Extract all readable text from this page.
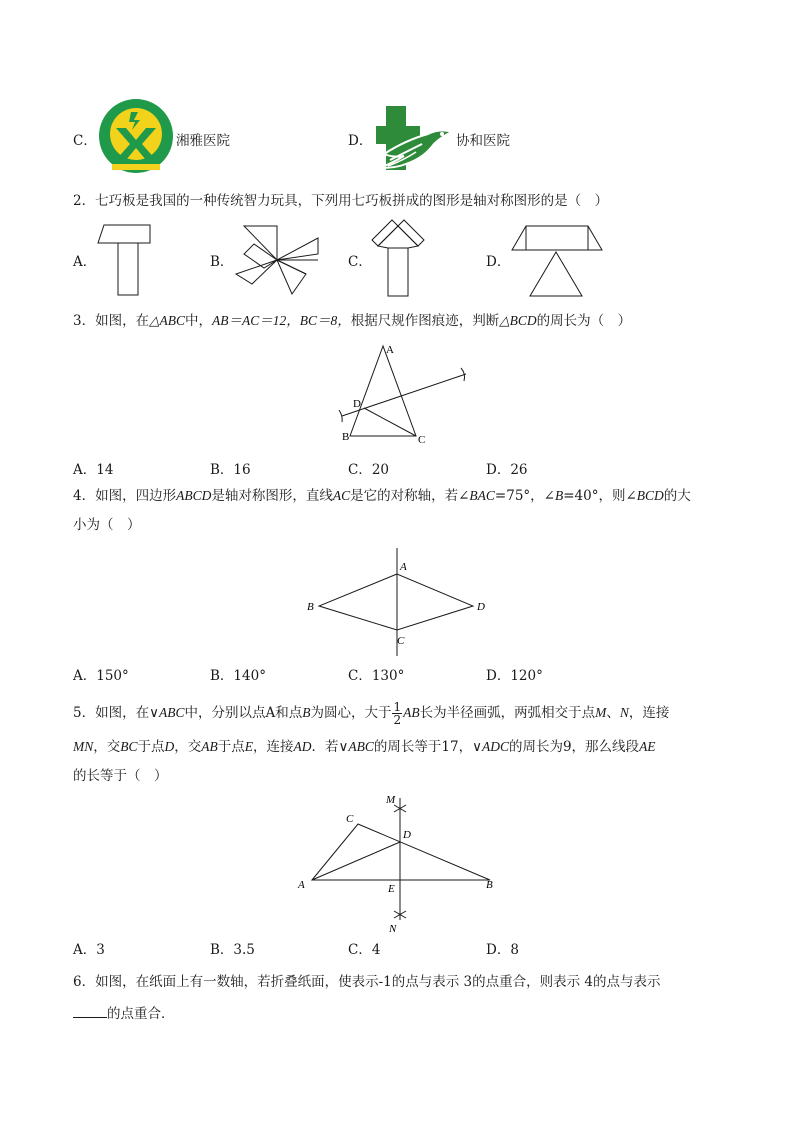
C．	湘雅医院	D．	协和医院
2．七巧板是我国的一种传统智力玩具，下列用七巧板拼成的图形是轴对称图形的是（　）
A．	B．	C．	D．
3．如图，在△ABC中，AB＝AC＝12，BC＝8，根据尺规作图痕迹，判断△BCD的周长为（　）
A
D
B	C
A．14	B．16	C．20	D．26
4．如图，四边形ABCD是轴对称图形，直线AC是它的对称轴，若∠BAC=75°，∠B=40°，则∠BCD的大
小为（　）
A
B
C
D
A．150°	B．140°	C．130°	D．120°
5．如图，在∨ABC中，分别以点A和点B为圆心，大于 $\frac{1}{2}$ AB长为半径画弧，两弧相交于点M、N，连接
MN，交BC于点D，交AB于点E，连接AD．若∨ABC的周长等于17，∨ADC的周长为9，那么线段AE
的长等于（　）
M
C
D
A	E	B
N
A．3	B．3.5	C．4	D．8
6．如图，在纸面上有一数轴，若折叠纸面，使表示-1的点与表示 3的点重合，则表示 4的点与表示
的点重合．
